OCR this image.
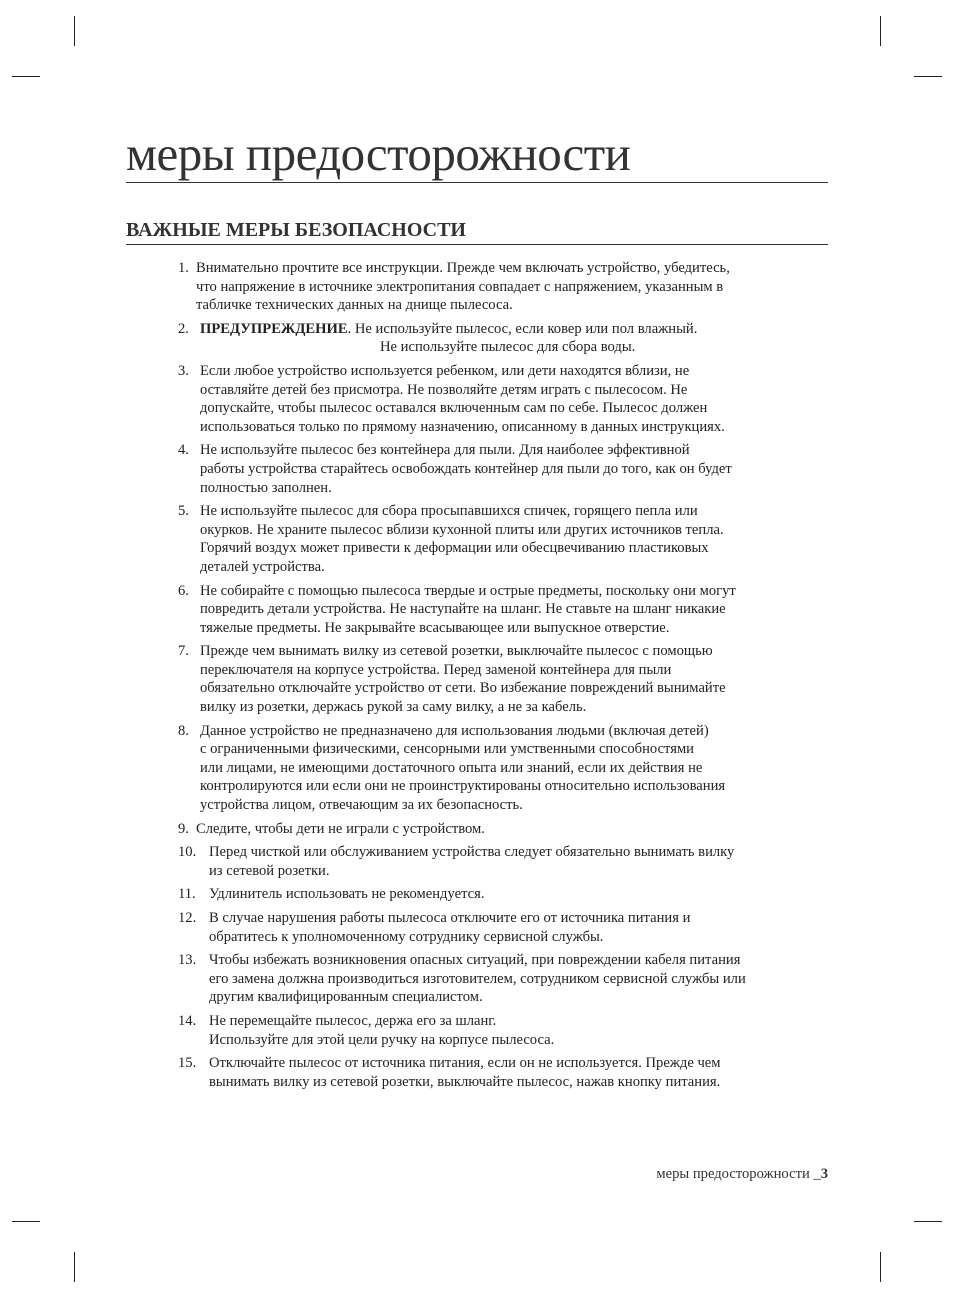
меры предосторожности
ВАЖНЫЕ МЕРЫ БЕЗОПАСНОСТИ
1. Внимательно прочтите все инструкции. Прежде чем включать устройство, убедитесь,
что напряжение в источнике электропитания совпадает с напряжением, указанным в
табличке технических данных на днище пылесоса.
2. ПРЕДУПРЕЖДЕНИЕ. Не используйте пылесос, если ковер или пол влажный.
Не используйте пылесос для сбора воды.
3. Если любое устройство используется ребенком, или дети находятся вблизи, не
оставляйте детей без присмотра. Не позволяйте детям играть с пылесосом. Не
допускайте, чтобы пылесос оставался включенным сам по себе. Пылесос должен
использоваться только по прямому назначению, описанному в данных инструкциях.
4. Не используйте пылесос без контейнера для пыли. Для наиболее эффективной
работы устройства старайтесь освобождать контейнер для пыли до того, как он будет
полностью заполнен.
5. Не используйте пылесос для сбора просыпавшихся спичек, горящего пепла или
окурков. Не храните пылесос вблизи кухонной плиты или других источников тепла.
Горячий воздух может привести к деформации или обесцвечиванию пластиковых
деталей устройства.
6. Не собирайте с помощью пылесоса твердые и острые предметы, поскольку они могут
повредить детали устройства. Не наступайте на шланг. Не ставьте на шланг никакие
тяжелые предметы. Не закрывайте всасывающее или выпускное отверстие.
7. Прежде чем вынимать вилку из сетевой розетки, выключайте пылесос с помощью
переключателя на корпусе устройства. Перед заменой контейнера для пыли
обязательно отключайте устройство от сети. Во избежание повреждений вынимайте
вилку из розетки, держась рукой за саму вилку, а не за кабель.
8. Данное устройство не предназначено для использования людьми (включая детей)
с ограниченными физическими, сенсорными или умственными способностями
или лицами, не имеющими достаточного опыта или знаний, если их действия не
контролируются или если они не проинструктированы относительно использования
устройства лицом, отвечающим за их безопасность.
9. Следите, чтобы дети не играли с устройством.
10. Перед чисткой или обслуживанием устройства следует обязательно вынимать вилку
из сетевой розетки.
11. Удлинитель использовать не рекомендуется.
12. В случае нарушения работы пылесоса отключите его от источника питания и
обратитесь к уполномоченному сотруднику сервисной службы.
13. Чтобы избежать возникновения опасных ситуаций, при повреждении кабеля питания
его замена должна производиться изготовителем, сотрудником сервисной службы или
другим квалифицированным специалистом.
14. Не перемещайте пылесос, держа его за шланг.
Используйте для этой цели ручку на корпусе пылесоса.
15. Отключайте пылесос от источника питания, если он не используется. Прежде чем
вынимать вилку из сетевой розетки, выключайте пылесос, нажав кнопку питания.
меры предосторожности _3
